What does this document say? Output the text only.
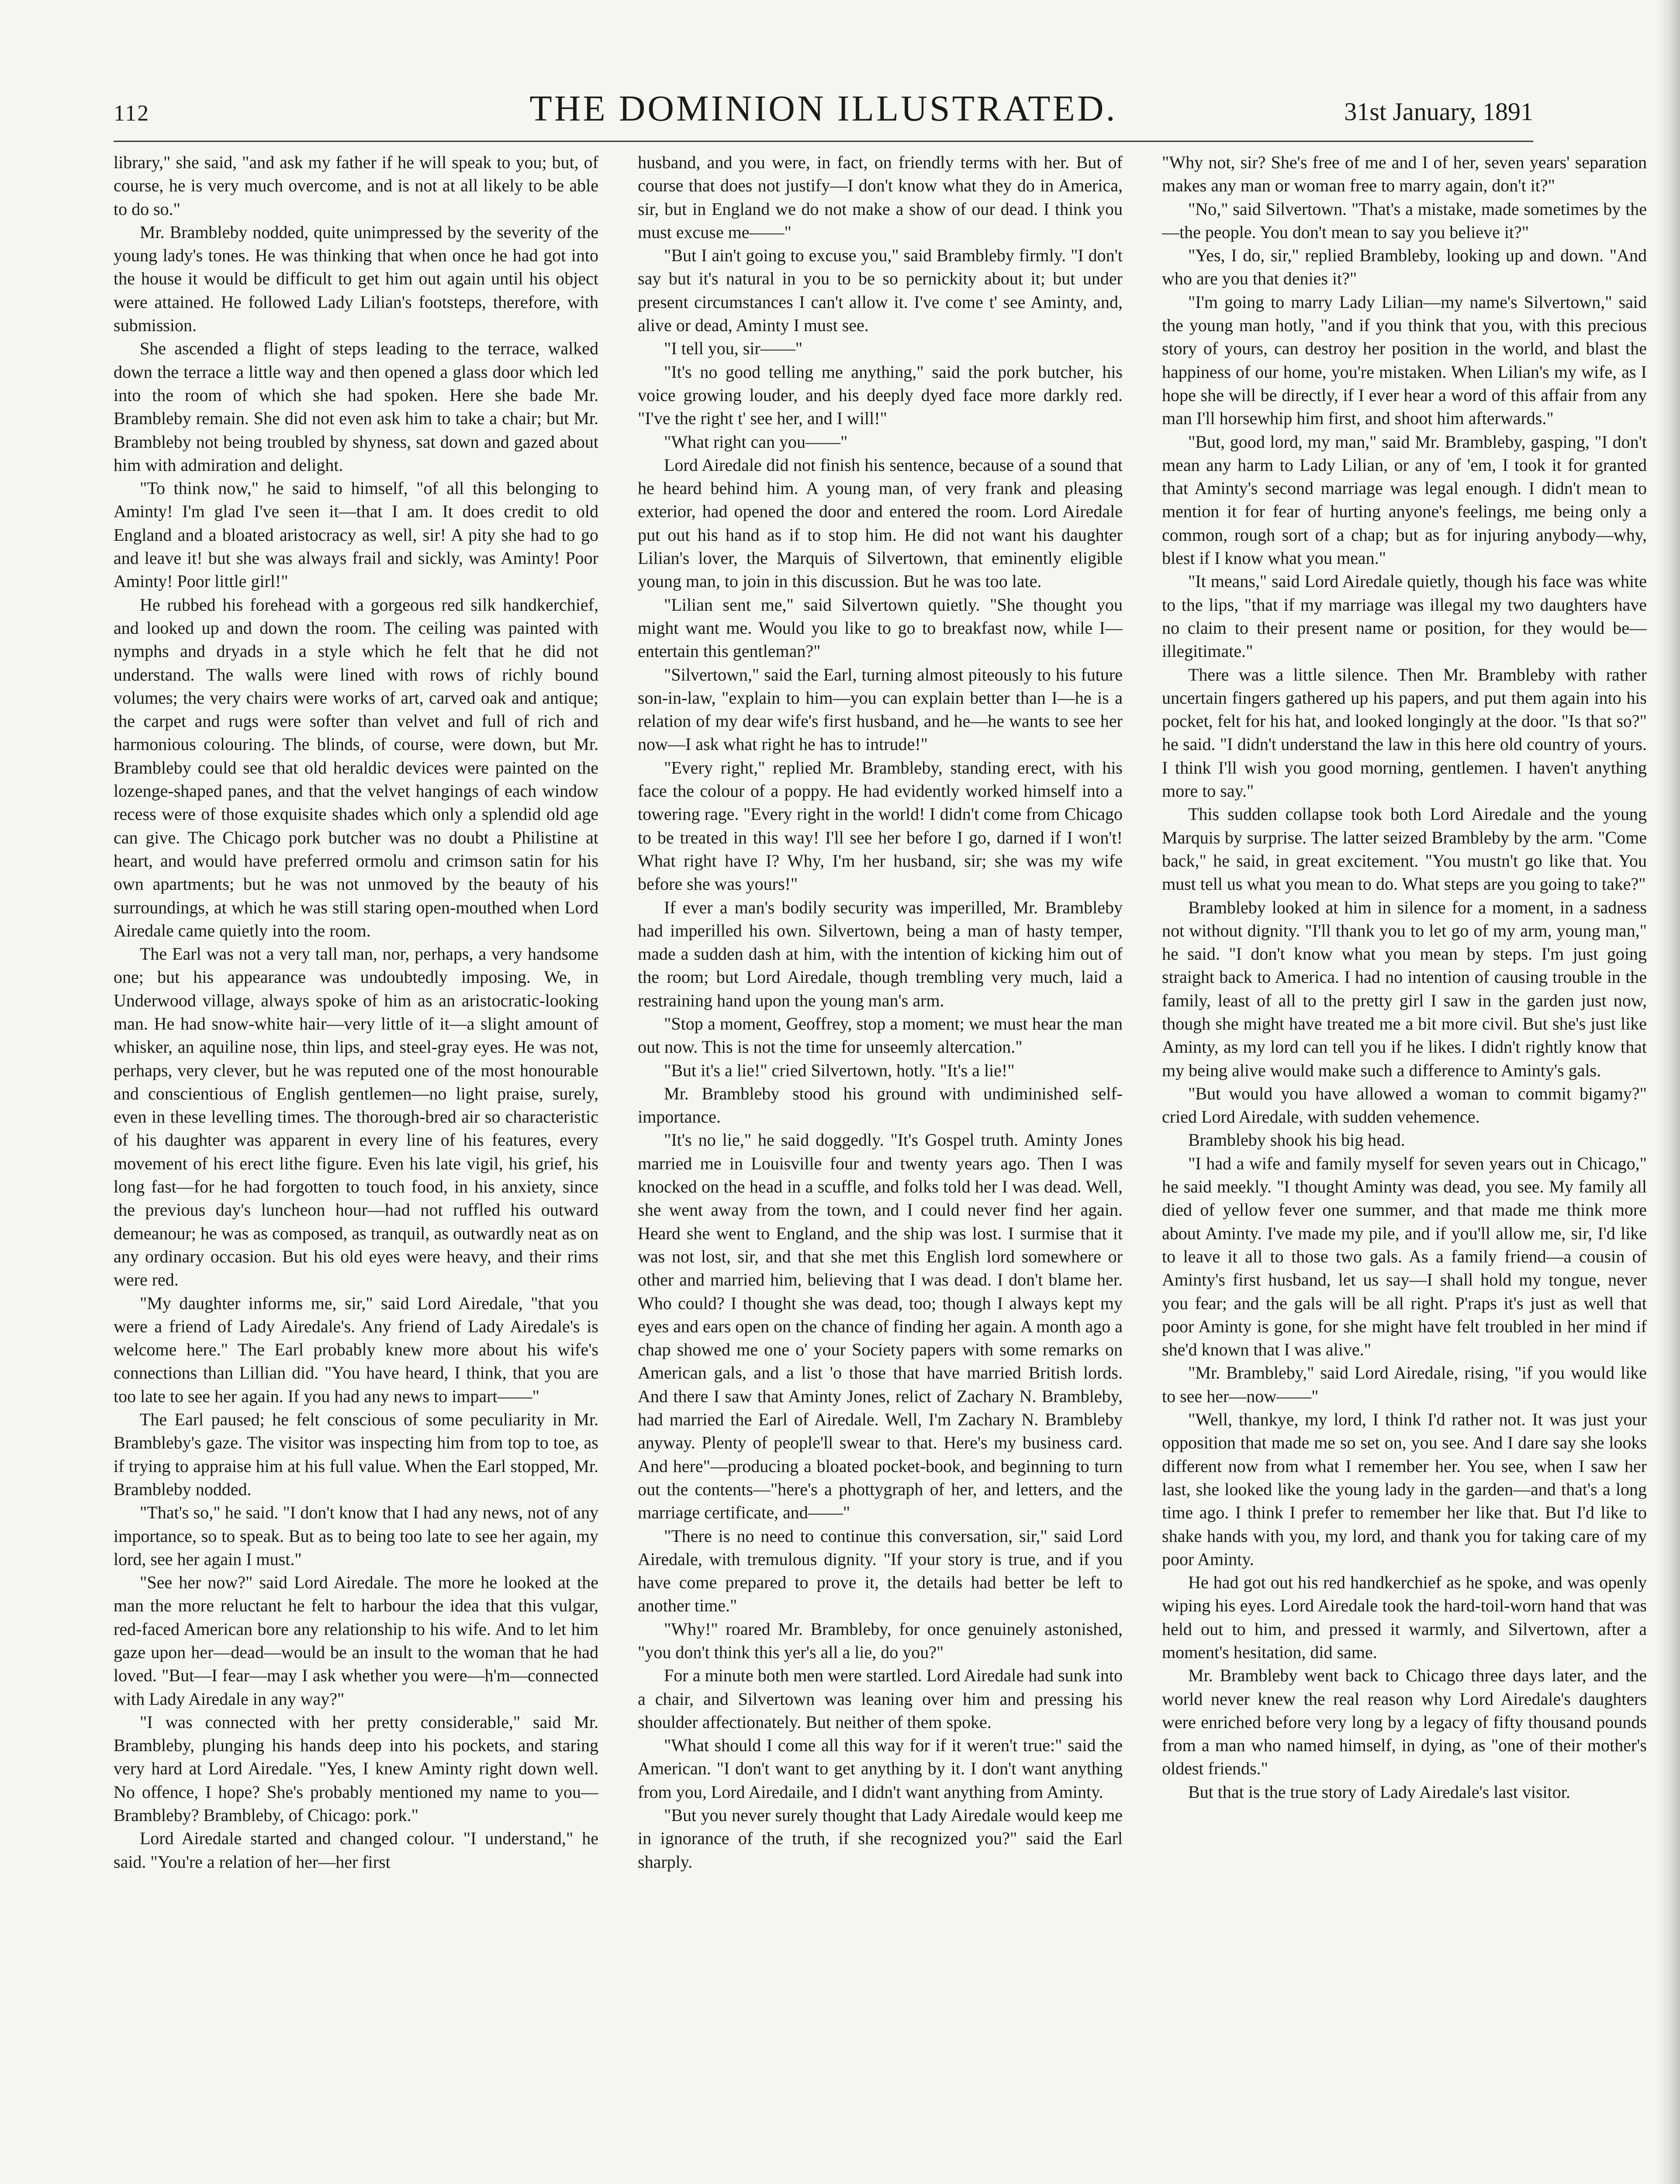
112	THE DOMINION ILLUSTRATED.	31st January, 1891

library," she said, "and ask my father if he will speak to you; but, of course, he is very much overcome, and is not at all likely to be able to do so."

Mr. Brambleby nodded, quite unimpressed by the severity of the young lady's tones. He was thinking that when once he had got into the house it would be difficult to get him out again until his object were attained. He followed Lady Lilian's footsteps, therefore, with submission.

She ascended a flight of steps leading to the terrace, walked down the terrace a little way and then opened a glass door which led into the room of which she had spoken. Here she bade Mr. Brambleby remain. She did not even ask him to take a chair; but Mr. Brambleby not being troubled by shyness, sat down and gazed about him with admiration and delight.

"To think now," he said to himself, "of all this belonging to Aminty! I'm glad I've seen it—that I am. It does credit to old England and a bloated aristocracy as well, sir! A pity she had to go and leave it! but she was always frail and sickly, was Aminty! Poor Aminty! Poor little girl!"

He rubbed his forehead with a gorgeous red silk handkerchief, and looked up and down the room. The ceiling was painted with nymphs and dryads in a style which he felt that he did not understand. The walls were lined with rows of richly bound volumes; the very chairs were works of art, carved oak and antique; the carpet and rugs were softer than velvet and full of rich and harmonious colouring. The blinds, of course, were down, but Mr. Brambleby could see that old heraldic devices were painted on the lozenge-shaped panes, and that the velvet hangings of each window recess were of those exquisite shades which only a splendid old age can give. The Chicago pork butcher was no doubt a Philistine at heart, and would have preferred ormolu and crimson satin for his own apartments; but he was not unmoved by the beauty of his surroundings, at which he was still staring open-mouthed when Lord Airedale came quietly into the room.

The Earl was not a very tall man, nor, perhaps, a very handsome one; but his appearance was undoubtedly imposing. We, in Underwood village, always spoke of him as an aristocratic-looking man. He had snow-white hair—very little of it—a slight amount of whisker, an aquiline nose, thin lips, and steel-gray eyes. He was not, perhaps, very clever, but he was reputed one of the most honourable and conscientious of English gentlemen—no light praise, surely, even in these levelling times. The thorough-bred air so characteristic of his daughter was apparent in every line of his features, every movement of his erect lithe figure. Even his late vigil, his grief, his long fast—for he had forgotten to touch food, in his anxiety, since the previous day's luncheon hour—had not ruffled his outward demeanour; he was as composed, as tranquil, as outwardly neat as on any ordinary occasion. But his old eyes were heavy, and their rims were red.

"My daughter informs me, sir," said Lord Airedale, "that you were a friend of Lady Airedale's. Any friend of Lady Airedale's is welcome here." The Earl probably knew more about his wife's connections than Lillian did. "You have heard, I think, that you are too late to see her again. If you had any news to impart——"

The Earl paused; he felt conscious of some peculiarity in Mr. Brambleby's gaze. The visitor was inspecting him from top to toe, as if trying to appraise him at his full value. When the Earl stopped, Mr. Brambleby nodded.

"That's so," he said. "I don't know that I had any news, not of any importance, so to speak. But as to being too late to see her again, my lord, see her again I must."

"See her now?" said Lord Airedale. The more he looked at the man the more reluctant he felt to harbour the idea that this vulgar, red-faced American bore any relationship to his wife. And to let him gaze upon her—dead—would be an insult to the woman that he had loved. "But—I fear—may I ask whether you were—h'm—connected with Lady Airedale in any way?"

"I was connected with her pretty considerable," said Mr. Brambleby, plunging his hands deep into his pockets, and staring very hard at Lord Airedale. "Yes, I knew Aminty right down well. No offence, I hope? She's probably mentioned my name to you—Brambleby? Brambleby, of Chicago: pork."

Lord Airedale started and changed colour. "I understand," he said. "You're a relation of her—her first

husband, and you were, in fact, on friendly terms with her. But of course that does not justify—I don't know what they do in America, sir, but in England we do not make a show of our dead. I think you must excuse me——"

"But I ain't going to excuse you," said Brambleby firmly. "I don't say but it's natural in you to be so pernickity about it; but under present circumstances I can't allow it. I've come t' see Aminty, and, alive or dead, Aminty I must see.

"I tell you, sir——"

"It's no good telling me anything," said the pork butcher, his voice growing louder, and his deeply dyed face more darkly red. "I've the right t' see her, and I will!"

"What right can you——"

Lord Airedale did not finish his sentence, because of a sound that he heard behind him. A young man, of very frank and pleasing exterior, had opened the door and entered the room. Lord Airedale put out his hand as if to stop him. He did not want his daughter Lilian's lover, the Marquis of Silvertown, that eminently eligible young man, to join in this discussion. But he was too late.

"Lilian sent me," said Silvertown quietly. "She thought you might want me. Would you like to go to breakfast now, while I—entertain this gentleman?"

"Silvertown," said the Earl, turning almost piteously to his future son-in-law, "explain to him—you can explain better than I—he is a relation of my dear wife's first husband, and he—he wants to see her now—I ask what right he has to intrude!"

"Every right," replied Mr. Brambleby, standing erect, with his face the colour of a poppy. He had evidently worked himself into a towering rage. "Every right in the world! I didn't come from Chicago to be treated in this way! I'll see her before I go, darned if I won't! What right have I? Why, I'm her husband, sir; she was my wife before she was yours!"

If ever a man's bodily security was imperilled, Mr. Brambleby had imperilled his own. Silvertown, being a man of hasty temper, made a sudden dash at him, with the intention of kicking him out of the room; but Lord Airedale, though trembling very much, laid a restraining hand upon the young man's arm.

"Stop a moment, Geoffrey, stop a moment; we must hear the man out now. This is not the time for unseemly altercation."

"But it's a lie!" cried Silvertown, hotly. "It's a lie!"

Mr. Brambleby stood his ground with undiminished self-importance.

"It's no lie," he said doggedly. "It's Gospel truth. Aminty Jones married me in Louisville four and twenty years ago. Then I was knocked on the head in a scuffle, and folks told her I was dead. Well, she went away from the town, and I could never find her again. Heard she went to England, and the ship was lost. I surmise that it was not lost, sir, and that she met this English lord somewhere or other and married him, believing that I was dead. I don't blame her. Who could? I thought she was dead, too; though I always kept my eyes and ears open on the chance of finding her again. A month ago a chap showed me one o' your Society papers with some remarks on American gals, and a list 'o those that have married British lords. And there I saw that Aminty Jones, relict of Zachary N. Brambleby, had married the Earl of Airedale. Well, I'm Zachary N. Brambleby anyway. Plenty of people'll swear to that. Here's my business card. And here"—producing a bloated pocket-book, and beginning to turn out the contents—"here's a phottygraph of her, and letters, and the marriage certificate, and——"

"There is no need to continue this conversation, sir," said Lord Airedale, with tremulous dignity. "If your story is true, and if you have come prepared to prove it, the details had better be left to another time."

"Why!" roared Mr. Brambleby, for once genuinely astonished, "you don't think this yer's all a lie, do you?"

For a minute both men were startled. Lord Airedale had sunk into a chair, and Silvertown was leaning over him and pressing his shoulder affectionately. But neither of them spoke.

"What should I come all this way for if it weren't true:" said the American. "I don't want to get anything by it. I don't want anything from you, Lord Airedaile, and I didn't want anything from Aminty.

"But you never surely thought that Lady Airedale would keep me in ignorance of the truth, if she recognized you?" said the Earl sharply.

"Why not, sir? She's free of me and I of her, seven years' separation makes any man or woman free to marry again, don't it?"

"No," said Silvertown. "That's a mistake, made sometimes by the—the people. You don't mean to say you believe it?"

"Yes, I do, sir," replied Brambleby, looking up and down. "And who are you that denies it?"

"I'm going to marry Lady Lilian—my name's Silvertown," said the young man hotly, "and if you think that you, with this precious story of yours, can destroy her position in the world, and blast the happiness of our home, you're mistaken. When Lilian's my wife, as I hope she will be directly, if I ever hear a word of this affair from any man I'll horsewhip him first, and shoot him afterwards."

"But, good lord, my man," said Mr. Brambleby, gasping, "I don't mean any harm to Lady Lilian, or any of 'em, I took it for granted that Aminty's second marriage was legal enough. I didn't mean to mention it for fear of hurting anyone's feelings, me being only a common, rough sort of a chap; but as for injuring anybody—why, blest if I know what you mean."

"It means," said Lord Airedale quietly, though his face was white to the lips, "that if my marriage was illegal my two daughters have no claim to their present name or position, for they would be—illegitimate."

There was a little silence. Then Mr. Brambleby with rather uncertain fingers gathered up his papers, and put them again into his pocket, felt for his hat, and looked longingly at the door. "Is that so?" he said. "I didn't understand the law in this here old country of yours. I think I'll wish you good morning, gentlemen. I haven't anything more to say."

This sudden collapse took both Lord Airedale and the young Marquis by surprise. The latter seized Brambleby by the arm. "Come back," he said, in great excitement. "You mustn't go like that. You must tell us what you mean to do. What steps are you going to take?"

Brambleby looked at him in silence for a moment, in a sadness not without dignity. "I'll thank you to let go of my arm, young man," he said. "I don't know what you mean by steps. I'm just going straight back to America. I had no intention of causing trouble in the family, least of all to the pretty girl I saw in the garden just now, though she might have treated me a bit more civil. But she's just like Aminty, as my lord can tell you if he likes. I didn't rightly know that my being alive would make such a difference to Aminty's gals.

"But would you have allowed a woman to commit bigamy?" cried Lord Airedale, with sudden vehemence.

Brambleby shook his big head.

"I had a wife and family myself for seven years out in Chicago," he said meekly. "I thought Aminty was dead, you see. My family all died of yellow fever one summer, and that made me think more about Aminty. I've made my pile, and if you'll allow me, sir, I'd like to leave it all to those two gals. As a family friend—a cousin of Aminty's first husband, let us say—I shall hold my tongue, never you fear; and the gals will be all right. P'raps it's just as well that poor Aminty is gone, for she might have felt troubled in her mind if she'd known that I was alive."

"Mr. Brambleby," said Lord Airedale, rising, "if you would like to see her—now——"

"Well, thankye, my lord, I think I'd rather not. It was just your opposition that made me so set on, you see. And I dare say she looks different now from what I remember her. You see, when I saw her last, she looked like the young lady in the garden—and that's a long time ago. I think I prefer to remember her like that. But I'd like to shake hands with you, my lord, and thank you for taking care of my poor Aminty.

He had got out his red handkerchief as he spoke, and was openly wiping his eyes. Lord Airedale took the hard-toil-worn hand that was held out to him, and pressed it warmly, and Silvertown, after a moment's hesitation, did same.

Mr. Brambleby went back to Chicago three days later, and the world never knew the real reason why Lord Airedale's daughters were enriched before very long by a legacy of fifty thousand pounds from a man who named himself, in dying, as "one of their mother's oldest friends."

But that is the true story of Lady Airedale's last visitor.
